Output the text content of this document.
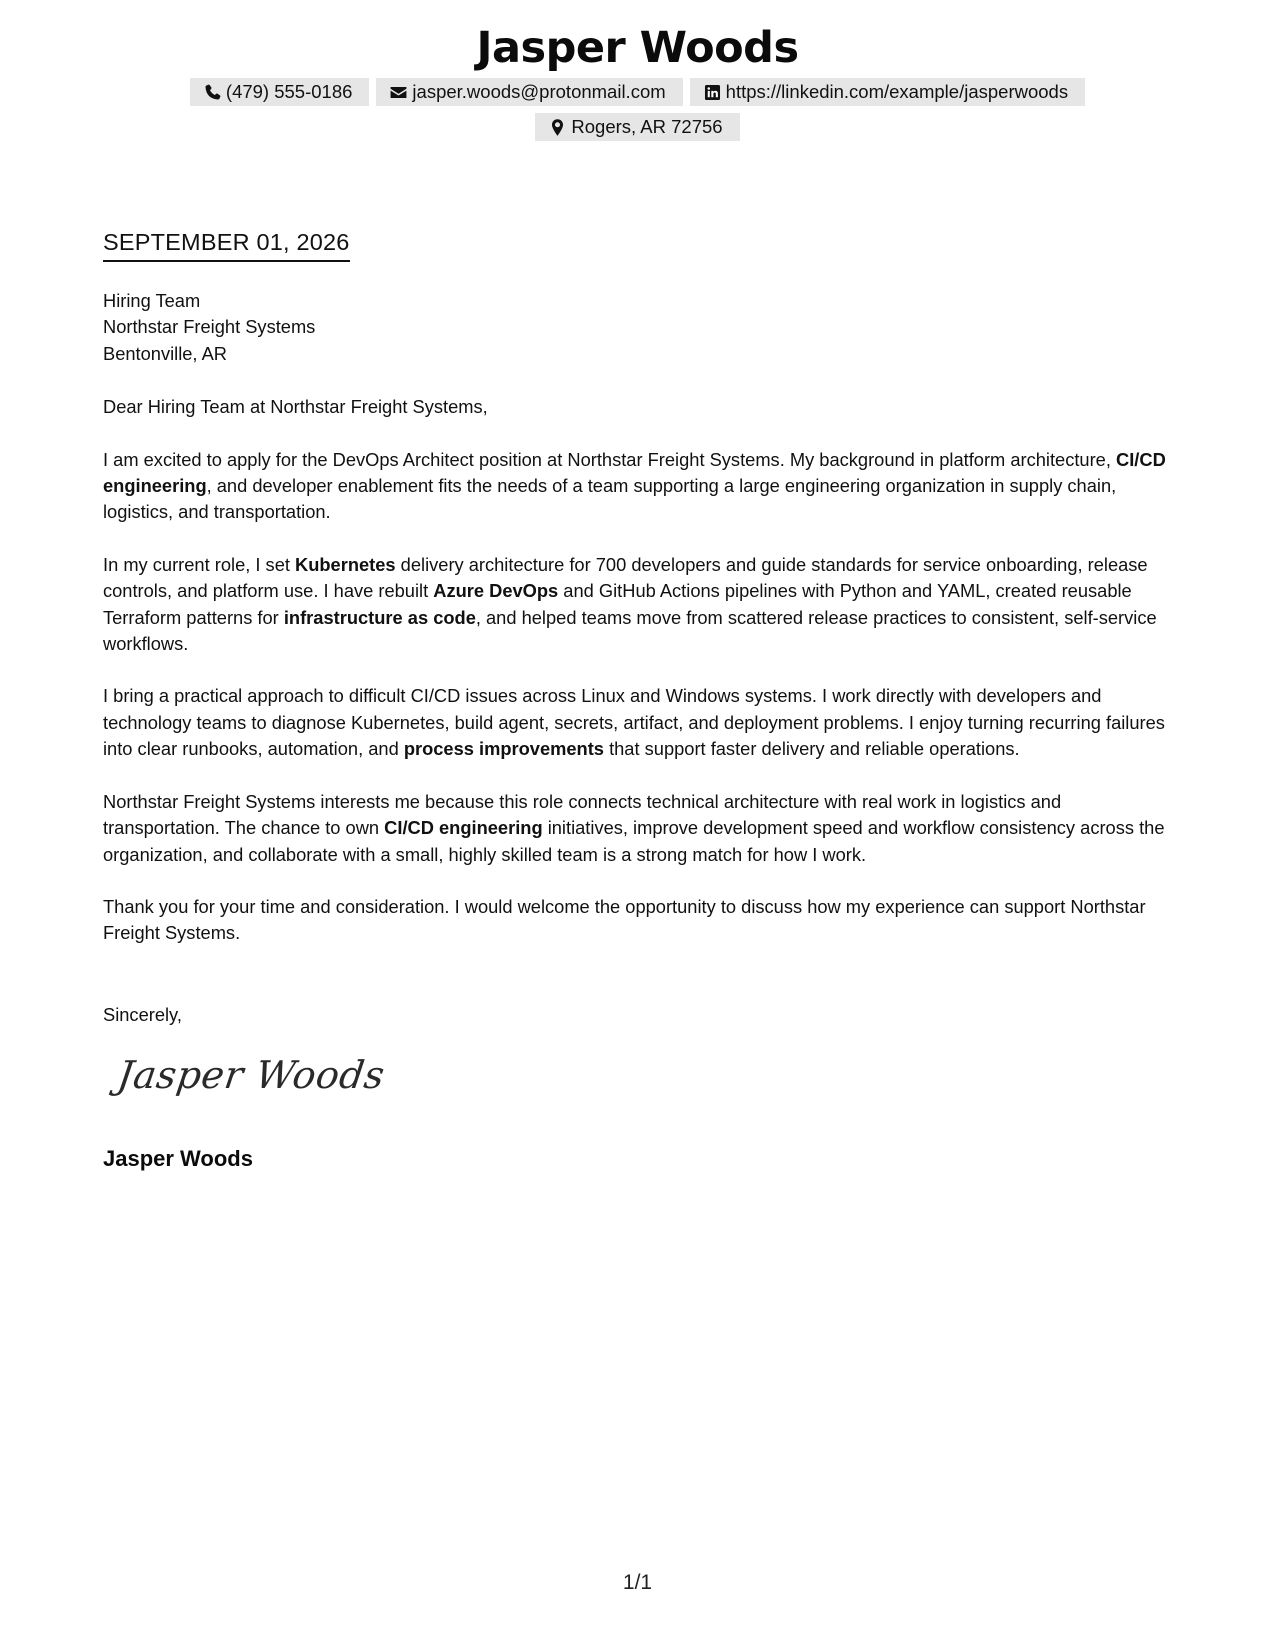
Jasper Woods
(479) 555-0186	jasper.woods@protonmail.com	https://linkedin.com/example/jasperwoods
Rogers, AR 72756
SEPTEMBER 01, 2026
Hiring Team
Northstar Freight Systems
Bentonville, AR
Dear Hiring Team at Northstar Freight Systems,

I am excited to apply for the DevOps Architect position at Northstar Freight Systems. My background in platform architecture, CI/CD engineering, and developer enablement fits the needs of a team supporting a large engineering organization in supply chain, logistics, and transportation.

In my current role, I set Kubernetes delivery architecture for 700 developers and guide standards for service onboarding, release controls, and platform use. I have rebuilt Azure DevOps and GitHub Actions pipelines with Python and YAML, created reusable Terraform patterns for infrastructure as code, and helped teams move from scattered release practices to consistent, self-service workflows.

I bring a practical approach to difficult CI/CD issues across Linux and Windows systems. I work directly with developers and technology teams to diagnose Kubernetes, build agent, secrets, artifact, and deployment problems. I enjoy turning recurring failures into clear runbooks, automation, and process improvements that support faster delivery and reliable operations.

Northstar Freight Systems interests me because this role connects technical architecture with real work in logistics and transportation. The chance to own CI/CD engineering initiatives, improve development speed and workflow consistency across the organization, and collaborate with a small, highly skilled team is a strong match for how I work.

Thank you for your time and consideration. I would welcome the opportunity to discuss how my experience can support Northstar Freight Systems.

Sincerely,
Jasper Woods
Jasper Woods
1/1
